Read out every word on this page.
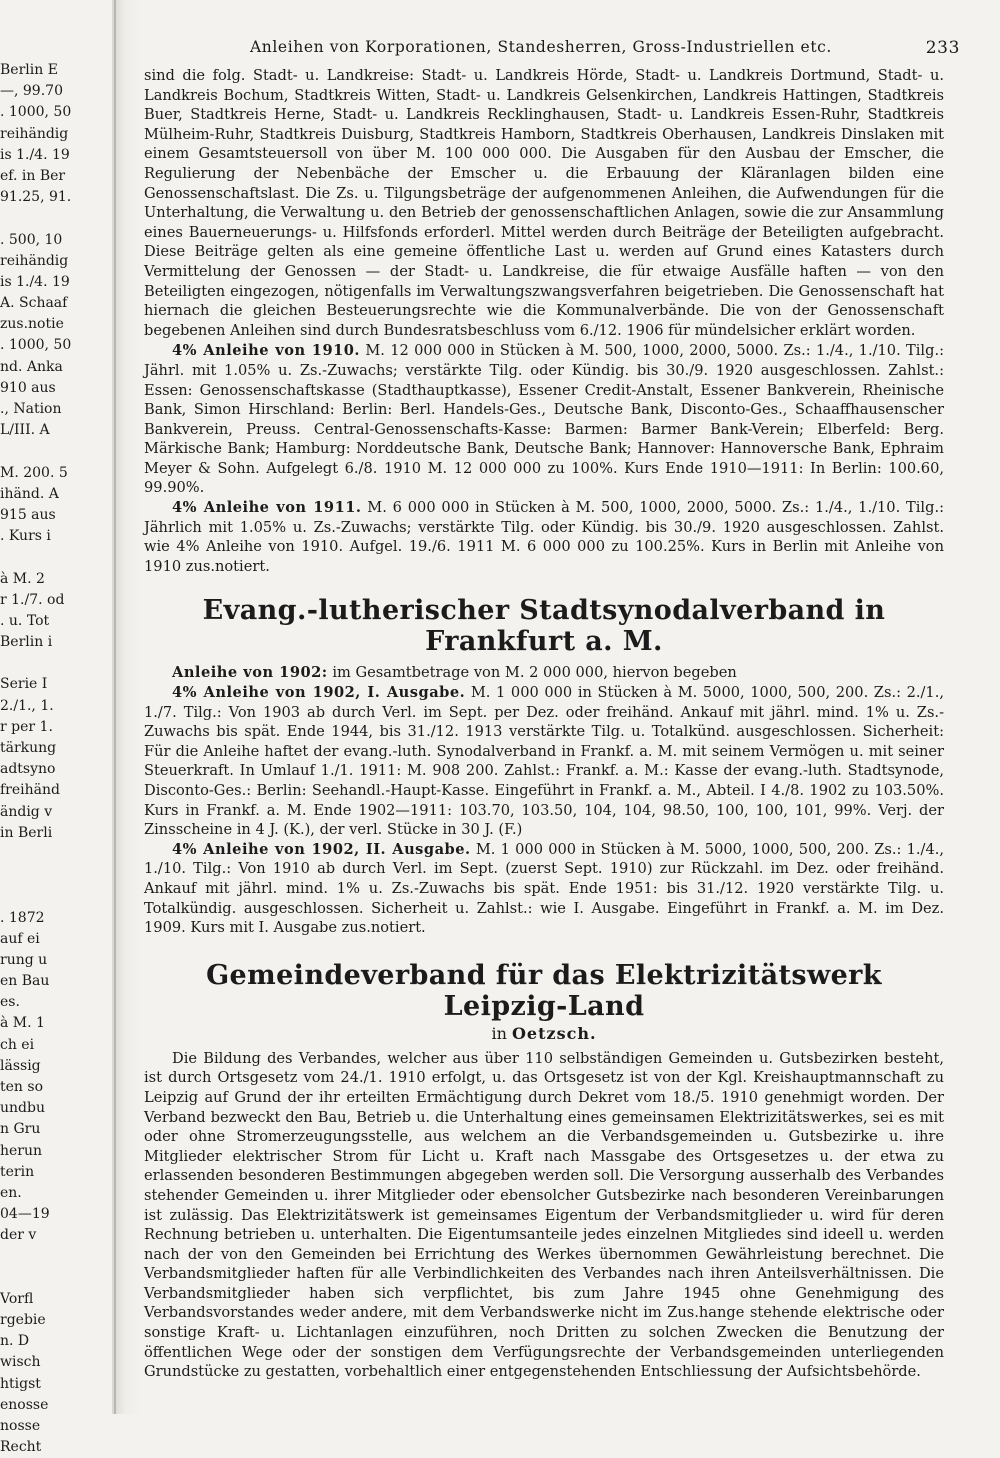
Berlin E
—, 99.70
. 1000, 50
reihändig
is 1./4. 19
ef. in Ber
91.25, 91.
. 500, 10
reihändig
is 1./4. 19
A. Schaaf
zus.notie
. 1000, 50
nd. Anka
910 aus
., Nation
L/III. A
M. 200. 5
ihänd. A
915 aus
. Kurs i
à M. 2
r 1./7. od
. u. Tot
Berlin i
Serie I
2./1., 1.
r per 1.
tärkung
adtsyno
freihänd
ändig v
in Berli
. 1872
auf ei
rung u
en Bau
es.
à M. 1
ch ei
lässig
ten so
undbu
n Gru
herun
terin
en.
04—19
der v
Vorfl
rgebie
n. D
wisch
htigst
enosse
nosse
Recht
Anleihen von Korporationen, Standesherren, Gross-Industriellen etc.	233

sind die folg. Stadt- u. Landkreise: Stadt- u. Landkreis Hörde, Stadt- u. Landkreis Dortmund, Stadt- u. Landkreis Bochum, Stadtkreis Witten, Stadt- u. Landkreis Gelsenkirchen, Landkreis Hattingen, Stadtkreis Buer, Stadtkreis Herne, Stadt- u. Landkreis Recklinghausen, Stadt- u. Landkreis Essen-Ruhr, Stadtkreis Mülheim-Ruhr, Stadtkreis Duisburg, Stadtkreis Hamborn, Stadtkreis Oberhausen, Landkreis Dinslaken mit einem Gesamtsteuersoll von über M. 100 000 000. Die Ausgaben für den Ausbau der Emscher, die Regulierung der Nebenbäche der Emscher u. die Erbauung der Kläranlagen bilden eine Genossenschaftslast. Die Zs. u. Tilgungsbeträge der aufgenommenen Anleihen, die Aufwendungen für die Unterhaltung, die Verwaltung u. den Betrieb der genossenschaftlichen Anlagen, sowie die zur Ansammlung eines Bauerneuerungs- u. Hilfsfonds erforderl. Mittel werden durch Beiträge der Beteiligten aufgebracht. Diese Beiträge gelten als eine gemeine öffentliche Last u. werden auf Grund eines Katasters durch Vermittelung der Genossen — der Stadt- u. Landkreise, die für etwaige Ausfälle haften — von den Beteiligten eingezogen, nötigenfalls im Verwaltungszwangsverfahren beigetrieben. Die Genossenschaft hat hiernach die gleichen Besteuerungsrechte wie die Kommunalverbände. Die von der Genossenschaft begebenen Anleihen sind durch Bundesratsbeschluss vom 6./12. 1906 für mündelsicher erklärt worden.

4% Anleihe von 1910. M. 12 000 000 in Stücken à M. 500, 1000, 2000, 5000. Zs.: 1./4., 1./10. Tilg.: Jährl. mit 1.05% u. Zs.-Zuwachs; verstärkte Tilg. oder Kündig. bis 30./9. 1920 ausgeschlossen. Zahlst.: Essen: Genossenschaftskasse (Stadthauptkasse), Essener Credit-Anstalt, Essener Bankverein, Rheinische Bank, Simon Hirschland: Berlin: Berl. Handels-Ges., Deutsche Bank, Disconto-Ges., Schaaffhausenscher Bankverein, Preuss. Central-Genossenschafts-Kasse: Barmen: Barmer Bank-Verein; Elberfeld: Berg. Märkische Bank; Hamburg: Norddeutsche Bank, Deutsche Bank; Hannover: Hannoversche Bank, Ephraim Meyer & Sohn. Aufgelegt 6./8. 1910 M. 12 000 000 zu 100%. Kurs Ende 1910—1911: In Berlin: 100.60, 99.90%.

4% Anleihe von 1911. M. 6 000 000 in Stücken à M. 500, 1000, 2000, 5000. Zs.: 1./4., 1./10. Tilg.: Jährlich mit 1.05% u. Zs.-Zuwachs; verstärkte Tilg. oder Kündig. bis 30./9. 1920 ausgeschlossen. Zahlst. wie 4% Anleihe von 1910. Aufgel. 19./6. 1911 M. 6 000 000 zu 100.25%. Kurs in Berlin mit Anleihe von 1910 zus.notiert.

Evang.-lutherischer Stadtsynodalverband in Frankfurt a. M.

Anleihe von 1902: im Gesamtbetrage von M. 2 000 000, hiervon begeben

4% Anleihe von 1902, I. Ausgabe. M. 1 000 000 in Stücken à M. 5000, 1000, 500, 200. Zs.: 2./1., 1./7. Tilg.: Von 1903 ab durch Verl. im Sept. per Dez. oder freihänd. Ankauf mit jährl. mind. 1% u. Zs.-Zuwachs bis spät. Ende 1944, bis 31./12. 1913 verstärkte Tilg. u. Totalkünd. ausgeschlossen. Sicherheit: Für die Anleihe haftet der evang.-luth. Synodalverband in Frankf. a. M. mit seinem Vermögen u. mit seiner Steuerkraft. In Umlauf 1./1. 1911: M. 908 200. Zahlst.: Frankf. a. M.: Kasse der evang.-luth. Stadtsynode, Disconto-Ges.: Berlin: Seehandl.-Haupt-Kasse. Eingeführt in Frankf. a. M., Abteil. I 4./8. 1902 zu 103.50%. Kurs in Frankf. a. M. Ende 1902—1911: 103.70, 103.50, 104, 104, 98.50, 100, 100, 101, 99%. Verj. der Zinsscheine in 4 J. (K.), der verl. Stücke in 30 J. (F.)

4% Anleihe von 1902, II. Ausgabe. M. 1 000 000 in Stücken à M. 5000, 1000, 500, 200. Zs.: 1./4., 1./10. Tilg.: Von 1910 ab durch Verl. im Sept. (zuerst Sept. 1910) zur Rückzahl. im Dez. oder freihänd. Ankauf mit jährl. mind. 1% u. Zs.-Zuwachs bis spät. Ende 1951: bis 31./12. 1920 verstärkte Tilg. u. Totalkündig. ausgeschlossen. Sicherheit u. Zahlst.: wie I. Ausgabe. Eingeführt in Frankf. a. M. im Dez. 1909. Kurs mit I. Ausgabe zus.notiert.

Gemeindeverband für das Elektrizitätswerk Leipzig-Land

in Oetzsch.

Die Bildung des Verbandes, welcher aus über 110 selbständigen Gemeinden u. Gutsbezirken besteht, ist durch Ortsgesetz vom 24./1. 1910 erfolgt, u. das Ortsgesetz ist von der Kgl. Kreishauptmannschaft zu Leipzig auf Grund der ihr erteilten Ermächtigung durch Dekret vom 18./5. 1910 genehmigt worden. Der Verband bezweckt den Bau, Betrieb u. die Unterhaltung eines gemeinsamen Elektrizitätswerkes, sei es mit oder ohne Stromerzeugungsstelle, aus welchem an die Verbandsgemeinden u. Gutsbezirke u. ihre Mitglieder elektrischer Strom für Licht u. Kraft nach Massgabe des Ortsgesetzes u. der etwa zu erlassenden besonderen Bestimmungen abgegeben werden soll. Die Versorgung ausserhalb des Verbandes stehender Gemeinden u. ihrer Mitglieder oder ebensolcher Gutsbezirke nach besonderen Vereinbarungen ist zulässig. Das Elektrizitätswerk ist gemeinsames Eigentum der Verbandsmitglieder u. wird für deren Rechnung betrieben u. unterhalten. Die Eigentumsanteile jedes einzelnen Mitgliedes sind ideell u. werden nach der von den Gemeinden bei Errichtung des Werkes übernommen Gewährleistung berechnet. Die Verbandsmitglieder haften für alle Verbindlichkeiten des Verbandes nach ihren Anteilsverhältnissen. Die Verbandsmitglieder haben sich verpflichtet, bis zum Jahre 1945 ohne Genehmigung des Verbandsvorstandes weder andere, mit dem Verbandswerke nicht im Zus.hange stehende elektrische oder sonstige Kraft- u. Lichtanlagen einzuführen, noch Dritten zu solchen Zwecken die Benutzung der öffentlichen Wege oder der sonstigen dem Verfügungsrechte der Verbandsgemeinden unterliegenden Grundstücke zu gestatten, vorbehaltlich einer entgegenstehenden Entschliessung der Aufsichtsbehörde.
